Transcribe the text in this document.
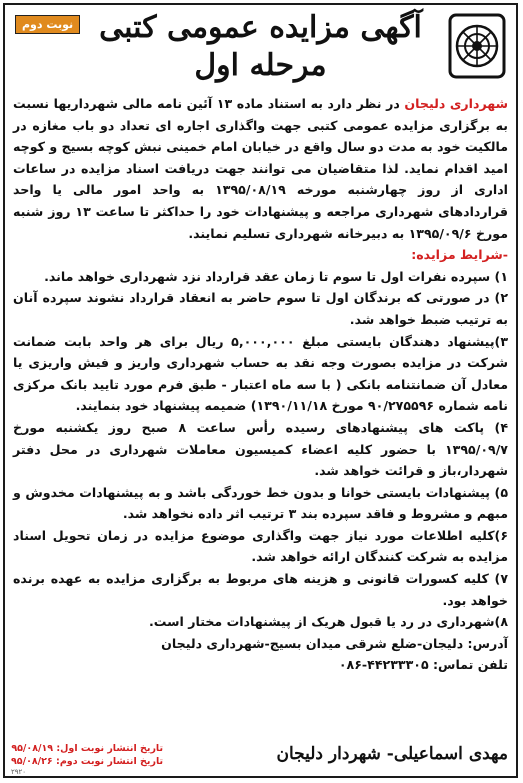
نوبت دوم آگهی مزایده عمومی کتبی
مرحله اول

شهرداری دلیجان در نظر دارد به استناد ماده ۱۳ آئین نامه مالی شهرداریها نسبت به برگزاری مزایده عمومی کتبی جهت واگذاری اجاره ای تعداد دو باب مغازه در مالکیت خود به مدت دو سال واقع در خیابان امام خمینی نبش کوچه بسیج و کوچه امید اقدام نماید. لذا متقاضیان می توانند جهت دریافت اسناد مزایده در ساعات اداری از روز چهارشنبه مورخه ۱۳۹۵/۰۸/۱۹ به واحد امور مالی یا واحد قراردادهای شهرداری مراجعه و پیشنهادات خود را حداکثر تا ساعت ۱۳ روز شنبه مورخ ۱۳۹۵/۰۹/۶ به دبیرخانه شهرداری تسلیم نمایند.

-شرایط مزایده:

۱) سپرده نفرات اول تا سوم تا زمان عقد قرارداد نزد شهرداری خواهد ماند.

۲) در صورتی که برندگان اول تا سوم حاضر به انعقاد قرارداد نشوند سپرده آنان به ترتیب ضبط خواهد شد.

۳)پیشنهاد دهندگان بایستی مبلغ ۵,۰۰۰,۰۰۰ ریال برای هر واحد بابت ضمانت شرکت در مزایده بصورت وجه نقد به حساب شهرداری واریز و فیش واریزی یا معادل آن ضمانتنامه بانکی ( با سه ماه اعتبار - طبق فرم مورد تایید بانک مرکزی نامه شماره ۹۰/۲۷۵۵۹۶ مورخ ۱۳۹۰/۱۱/۱۸) ضمیمه پیشنهاد خود بنمایند.

۴) پاکت های پیشنهادهای رسیده رأس ساعت ۸ صبح روز یکشنبه مورخ ۱۳۹۵/۰۹/۷ با حضور کلیه اعضاء کمیسیون معاملات شهرداری در محل دفتر شهردار،باز و قرائت خواهد شد.

۵) پیشنهادات بایستی خوانا و بدون خط خوردگی باشد و به پیشنهادات مخدوش و مبهم و مشروط و فاقد سپرده بند ۳ ترتیب اثر داده نخواهد شد.

۶)کلیه اطلاعات مورد نیاز جهت واگذاری موضوع مزایده در زمان تحویل اسناد مزایده به شرکت کنندگان ارائه خواهد شد.

۷) کلیه کسورات قانونی و هزینه های مربوط به برگزاری مزایده به عهده برنده خواهد بود.

۸)شهرداری در رد یا قبول هریک از پیشنهادات مختار است.

آدرس: دلیجان-ضلع شرقی میدان بسیج-شهرداری دلیجان

تلفن تماس: ۴۴۲۳۳۳۰۵-۰۸۶

مهدی اسماعیلی- شهردار دلیجان
تاریخ انتشار نوبت اول: ۹۵/۰۸/۱۹
تاریخ انتشار نوبت دوم: ۹۵/۰۸/۲۶
۲۹۲۰
